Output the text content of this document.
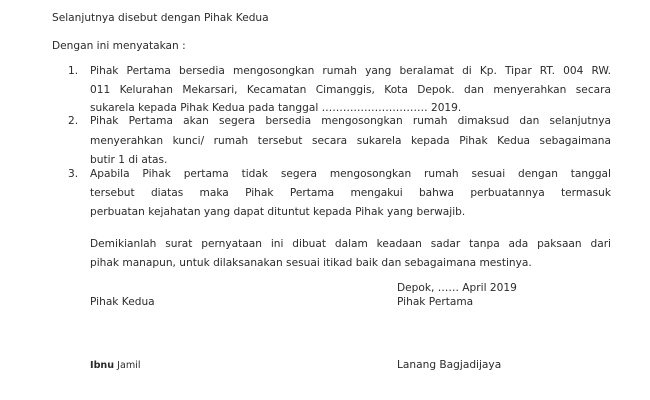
Selanjutnya disebut dengan Pihak Kedua
Dengan ini menyatakan :
1. Pihak Pertama bersedia mengosongkan rumah yang beralamat di Kp. Tipar RT. 004 RW.
011 Kelurahan Mekarsari, Kecamatan Cimanggis, Kota Depok. dan menyerahkan secara
sukarela kepada Pihak Kedua pada tanggal ………………………… 2019.
2. Pihak Pertama akan segera bersedia mengosongkan rumah dimaksud dan selanjutnya
menyerahkan kunci/ rumah tersebut secara sukarela kepada Pihak Kedua sebagaimana
butir 1 di atas.
3. Apabila Pihak pertama tidak segera mengosongkan rumah sesuai dengan tanggal
tersebut diatas maka Pihak Pertama mengakui bahwa perbuatannya termasuk
perbuatan kejahatan yang dapat dituntut kepada Pihak yang berwajib.
Demikianlah surat pernyataan ini dibuat dalam keadaan sadar tanpa ada paksaan dari
pihak manapun, untuk dilaksanakan sesuai itikad baik dan sebagaimana mestinya.
Depok, …… April 2019
Pihak Kedua	Pihak Pertama
Ibnu Jamil	Lanang Bagjadijaya
